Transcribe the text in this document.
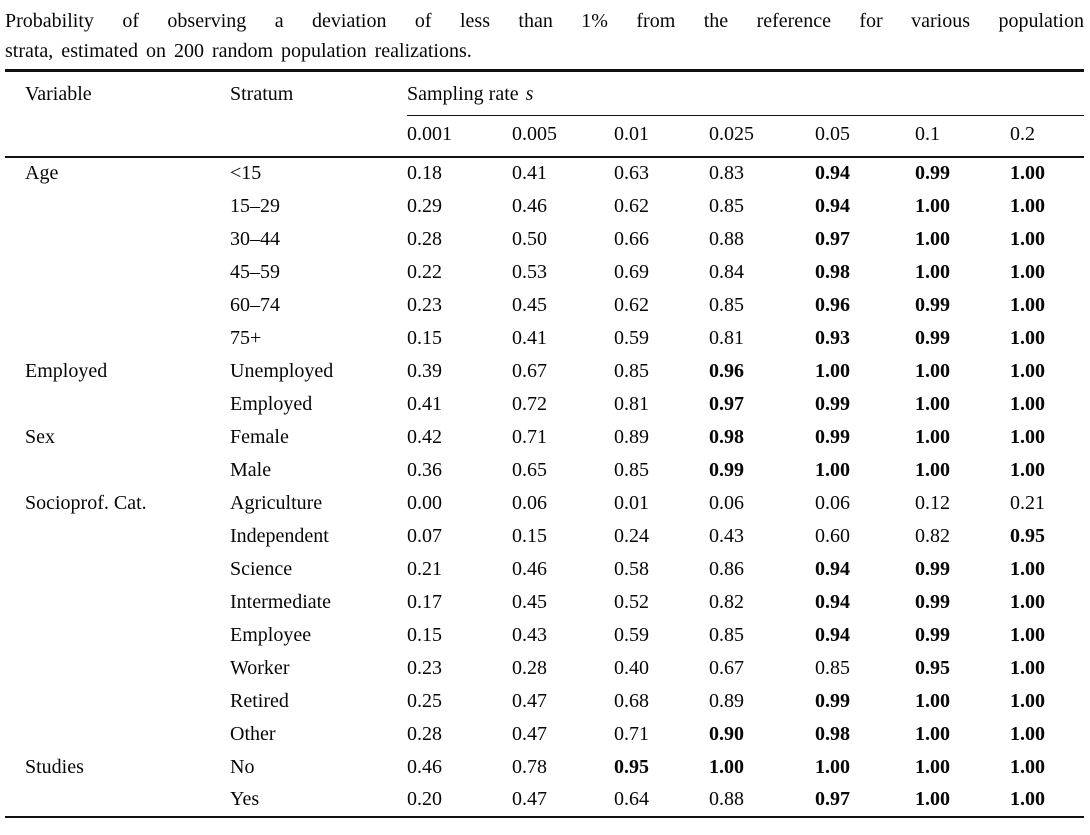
Probability of observing a deviation of less than 1% from the reference for various population
strata, estimated on 200 random population realizations.
Variable	Stratum	Sampling rate s						
		0.001	0.005	0.01	0.025	0.05	0.1	0.2
Age	<15	0.18	0.41	0.63	0.83	0.94	0.99	1.00
	15–29	0.29	0.46	0.62	0.85	0.94	1.00	1.00
	30–44	0.28	0.50	0.66	0.88	0.97	1.00	1.00
	45–59	0.22	0.53	0.69	0.84	0.98	1.00	1.00
	60–74	0.23	0.45	0.62	0.85	0.96	0.99	1.00
	75+	0.15	0.41	0.59	0.81	0.93	0.99	1.00
Employed	Unemployed	0.39	0.67	0.85	0.96	1.00	1.00	1.00
	Employed	0.41	0.72	0.81	0.97	0.99	1.00	1.00
Sex	Female	0.42	0.71	0.89	0.98	0.99	1.00	1.00
	Male	0.36	0.65	0.85	0.99	1.00	1.00	1.00
Socioprof. Cat.	Agriculture	0.00	0.06	0.01	0.06	0.06	0.12	0.21
	Independent	0.07	0.15	0.24	0.43	0.60	0.82	0.95
	Science	0.21	0.46	0.58	0.86	0.94	0.99	1.00
	Intermediate	0.17	0.45	0.52	0.82	0.94	0.99	1.00
	Employee	0.15	0.43	0.59	0.85	0.94	0.99	1.00
	Worker	0.23	0.28	0.40	0.67	0.85	0.95	1.00
	Retired	0.25	0.47	0.68	0.89	0.99	1.00	1.00
	Other	0.28	0.47	0.71	0.90	0.98	1.00	1.00
Studies	No	0.46	0.78	0.95	1.00	1.00	1.00	1.00
	Yes	0.20	0.47	0.64	0.88	0.97	1.00	1.00
